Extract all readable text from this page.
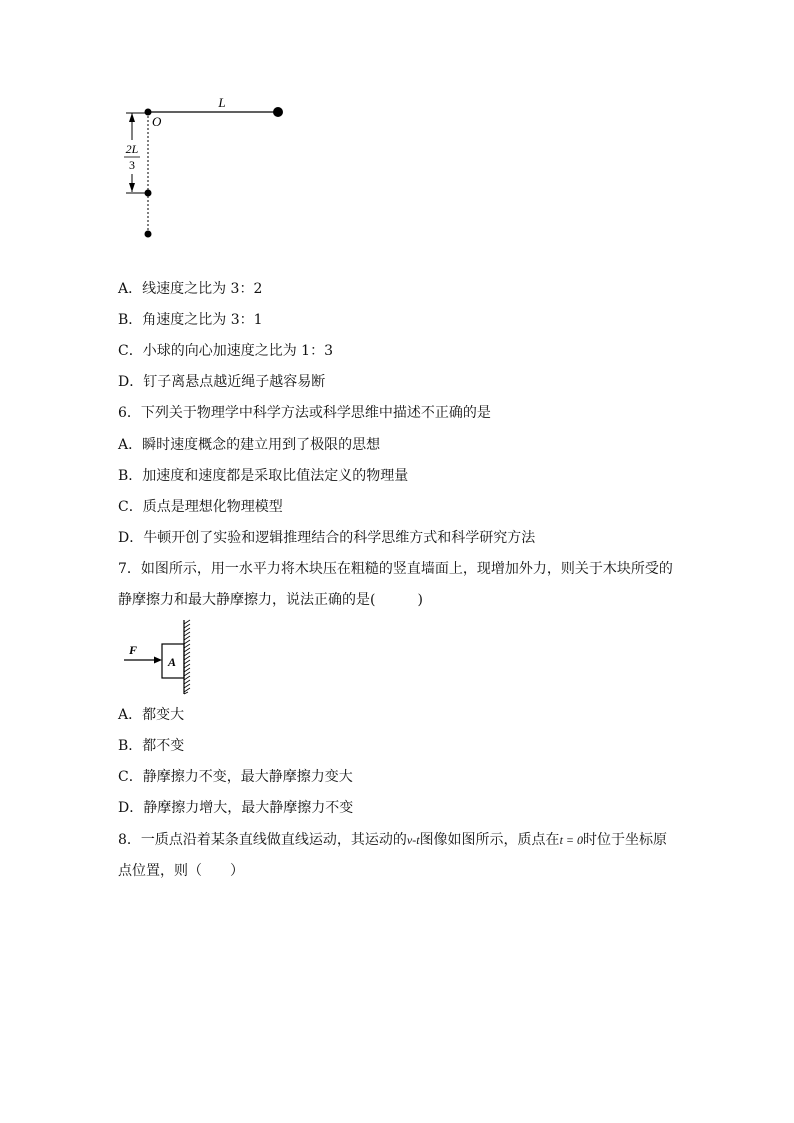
2L
3
L
O
A．线速度之比为 3：2
B．角速度之比为 3：1
C．小球的向心加速度之比为 1：3
D．钉子离悬点越近绳子越容易断
6．下列关于物理学中科学方法或科学思维中描述不正确的是
A．瞬时速度概念的建立用到了极限的思想
B．加速度和速度都是采取比值法定义的物理量
C．质点是理想化物理模型
D．牛顿开创了实验和逻辑推理结合的科学思维方式和科学研究方法
7．如图所示，用一水平力将木块压在粗糙的竖直墙面上，现增加外力，则关于木块所受的
静摩擦力和最大静摩擦力，说法正确的是(　　　)
F
A
A．都变大
B．都不变
C．静摩擦力不变，最大静摩擦力变大
D．静摩擦力增大，最大静摩擦力不变
8．一质点沿着某条直线做直线运动，其运动的v-t图像如图所示，质点在t = 0时位于坐标原
点位置，则（　　）
